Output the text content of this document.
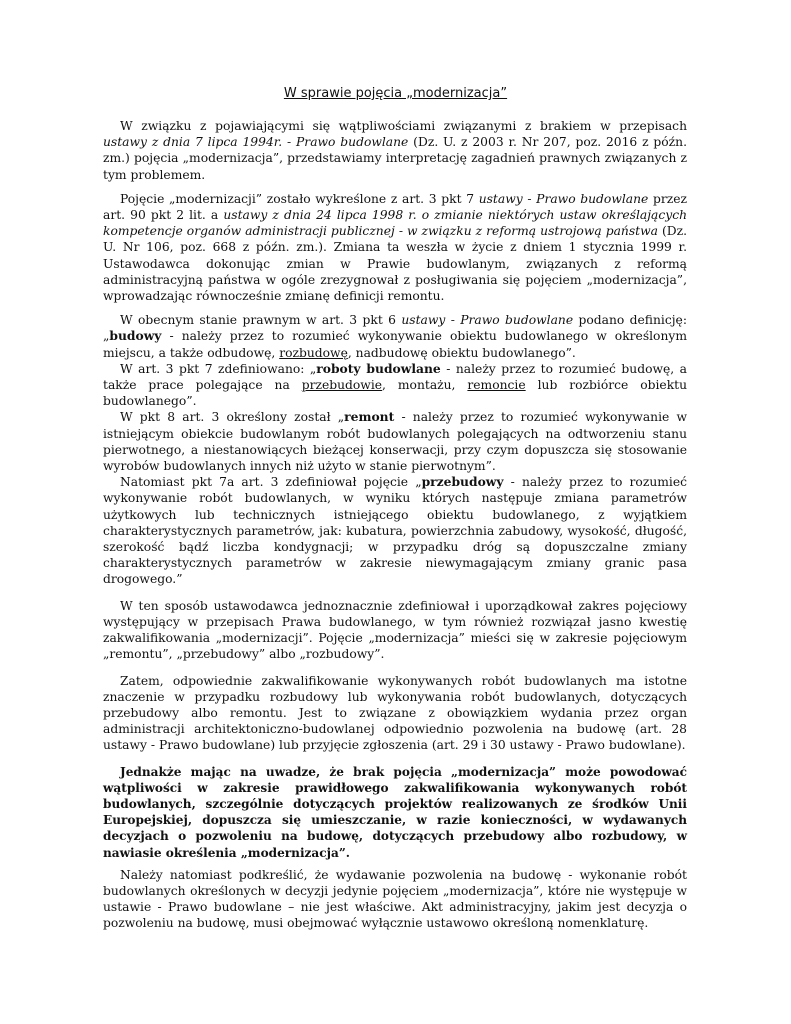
W sprawie pojęcia „modernizacja”

W związku z pojawiającymi się wątpliwościami związanymi z brakiem w przepisach ustawy z dnia 7 lipca 1994r. - Prawo budowlane (Dz. U. z 2003 r. Nr 207, poz. 2016 z późn. zm.) pojęcia „modernizacja”, przedstawiamy interpretację zagadnień prawnych związanych z tym problemem.

Pojęcie „modernizacji” zostało wykreślone z art. 3 pkt 7 ustawy - Prawo budowlane przez art. 90 pkt 2 lit. a ustawy z dnia 24 lipca 1998 r. o zmianie niektórych ustaw określających kompetencje organów administracji publicznej - w związku z reformą ustrojową państwa (Dz. U. Nr 106, poz. 668 z późn. zm.). Zmiana ta weszła w życie z dniem 1 stycznia 1999 r. Ustawodawca dokonując zmian w Prawie budowlanym, związanych z reformą administracyjną państwa w ogóle zrezygnował z posługiwania się pojęciem „modernizacja”, wprowadzając równocześnie zmianę definicji remontu.

W obecnym stanie prawnym w art. 3 pkt 6 ustawy - Prawo budowlane podano definicję: „budowy - należy przez to rozumieć wykonywanie obiektu budowlanego w określonym miejscu, a także odbudowę, rozbudowę, nadbudowę obiektu budowlanego”.

W art. 3 pkt 7 zdefiniowano: „roboty budowlane - należy przez to rozumieć budowę, a także prace polegające na przebudowie, montażu, remoncie lub rozbiórce obiektu budowlanego”.

W pkt 8 art. 3 określony został „remont - należy przez to rozumieć wykonywanie w istniejącym obiekcie budowlanym robót budowlanych polegających na odtworzeniu stanu pierwotnego, a niestanowiących bieżącej konserwacji, przy czym dopuszcza się stosowanie wyrobów budowlanych innych niż użyto w stanie pierwotnym”.

Natomiast pkt 7a art. 3 zdefiniował pojęcie „przebudowy - należy przez to rozumieć wykonywanie robót budowlanych, w wyniku których następuje zmiana parametrów użytkowych lub technicznych istniejącego obiektu budowlanego, z wyjątkiem charakterystycznych parametrów, jak: kubatura, powierzchnia zabudowy, wysokość, długość, szerokość bądź liczba kondygnacji; w przypadku dróg są dopuszczalne zmiany charakterystycznych parametrów w zakresie niewymagającym zmiany granic pasa drogowego.”

W ten sposób ustawodawca jednoznacznie zdefiniował i uporządkował zakres pojęciowy występujący w przepisach Prawa budowlanego, w tym również rozwiązał jasno kwestię zakwalifikowania „modernizacji”. Pojęcie „modernizacja” mieści się w zakresie pojęciowym „remontu”, „przebudowy” albo „rozbudowy”.

Zatem, odpowiednie zakwalifikowanie wykonywanych robót budowlanych ma istotne znaczenie w przypadku rozbudowy lub wykonywania robót budowlanych, dotyczących przebudowy albo remontu. Jest to związane z obowiązkiem wydania przez organ administracji architektoniczno-budowlanej odpowiednio pozwolenia na budowę (art. 28 ustawy - Prawo budowlane) lub przyjęcie zgłoszenia (art. 29 i 30 ustawy - Prawo budowlane).

Jednakże mając na uwadze, że brak pojęcia „modernizacja” może powodować wątpliwości w zakresie prawidłowego zakwalifikowania wykonywanych robót budowlanych, szczególnie dotyczących projektów realizowanych ze środków Unii Europejskiej, dopuszcza się umieszczanie, w razie konieczności, w wydawanych decyzjach o pozwoleniu na budowę, dotyczących przebudowy albo rozbudowy, w nawiasie określenia „modernizacja”.

Należy natomiast podkreślić, że wydawanie pozwolenia na budowę - wykonanie robót budowlanych określonych w decyzji jedynie pojęciem „modernizacja”, które nie występuje w ustawie - Prawo budowlane – nie jest właściwe. Akt administracyjny, jakim jest decyzja o pozwoleniu na budowę, musi obejmować wyłącznie ustawowo określoną nomenklaturę.
